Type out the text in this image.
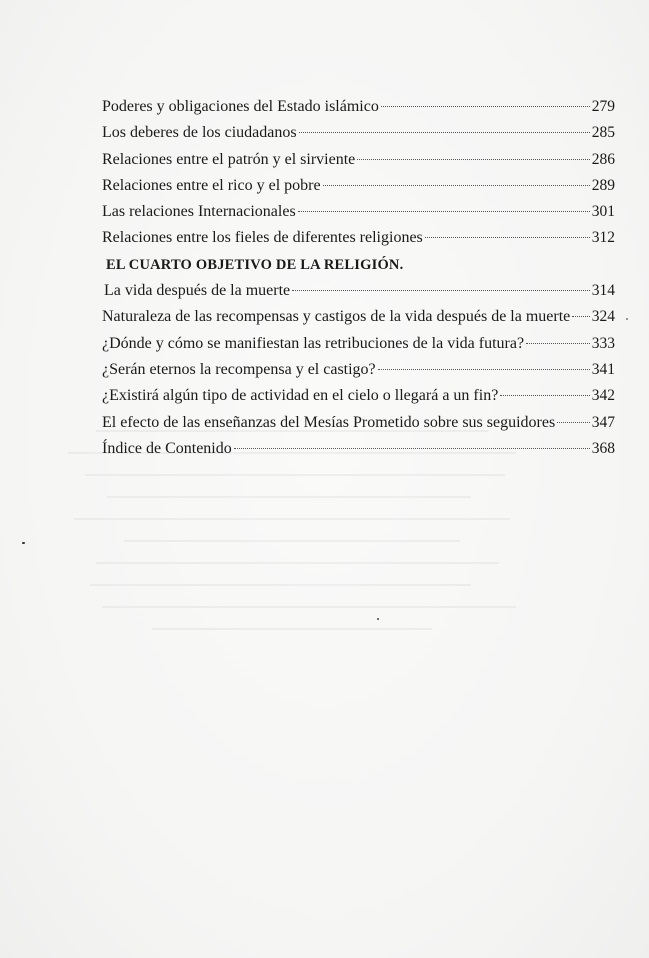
Poderes y obligaciones del Estado islámico	279
Los deberes de los ciudadanos	285
Relaciones entre el patrón y el sirviente	286
Relaciones entre el rico y el pobre	289
Las relaciones Internacionales	301
Relaciones entre los fieles de diferentes religiones	312
EL CUARTO OBJETIVO DE LA RELIGIÓN.
La vida después de la muerte	314
Naturaleza de las recompensas y castigos de la vida después de la muerte 324
¿Dónde y cómo se manifiestan las retribuciones de la vida futura?	333
¿Serán eternos la recompensa y el castigo?	341
¿Existirá algún tipo de actividad en el cielo o llegará a un fin?	342
El efecto de las enseñanzas del Mesías Prometido sobre sus seguidores 347
Índice de Contenido	368
